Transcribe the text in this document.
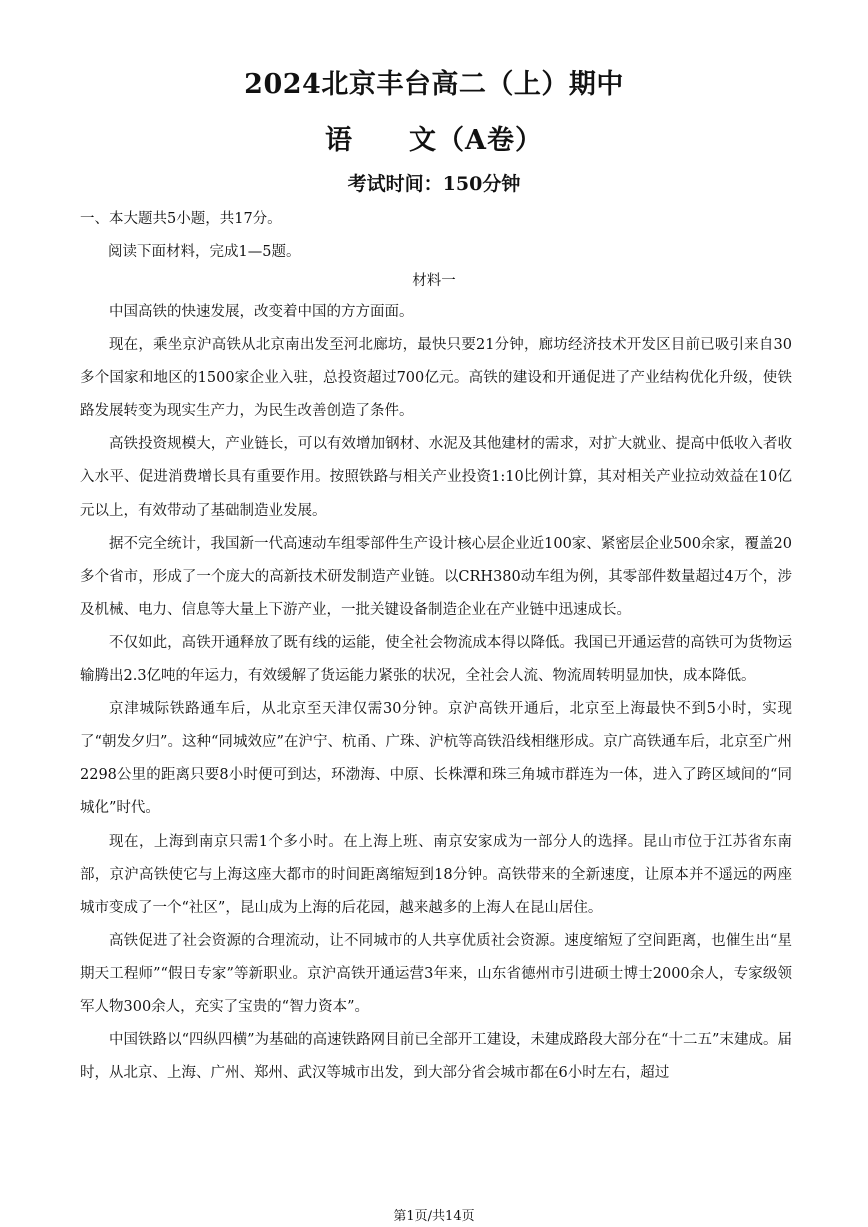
2024北京丰台高二（上）期中
语　　文（A卷）
考试时间：150分钟
一、本大题共5小题，共17分。
阅读下面材料，完成1—5题。
材料一

中国高铁的快速发展，改变着中国的方方面面。

现在，乘坐京沪高铁从北京南出发至河北廊坊，最快只要21分钟，廊坊经济技术开发区目前已吸引来自30多个国家和地区的1500家企业入驻，总投资超过700亿元。高铁的建设和开通促进了产业结构优化升级，使铁路发展转变为现实生产力，为民生改善创造了条件。

高铁投资规模大，产业链长，可以有效增加钢材、水泥及其他建材的需求，对扩大就业、提高中低收入者收入水平、促进消费增长具有重要作用。按照铁路与相关产业投资1:10比例计算，其对相关产业拉动效益在10亿元以上，有效带动了基础制造业发展。

据不完全统计，我国新一代高速动车组零部件生产设计核心层企业近100家、紧密层企业500余家，覆盖20多个省市，形成了一个庞大的高新技术研发制造产业链。以CRH380动车组为例，其零部件数量超过4万个，涉及机械、电力、信息等大量上下游产业，一批关键设备制造企业在产业链中迅速成长。

不仅如此，高铁开通释放了既有线的运能，使全社会物流成本得以降低。我国已开通运营的高铁可为货物运输腾出2.3亿吨的年运力，有效缓解了货运能力紧张的状况，全社会人流、物流周转明显加快，成本降低。

京津城际铁路通车后，从北京至天津仅需30分钟。京沪高铁开通后，北京至上海最快不到5小时，实现了“朝发夕归”。这种“同城效应”在沪宁、杭甬、广珠、沪杭等高铁沿线相继形成。京广高铁通车后，北京至广州2298公里的距离只要8小时便可到达，环渤海、中原、长株潭和珠三角城市群连为一体，进入了跨区域间的“同城化”时代。

现在，上海到南京只需1个多小时。在上海上班、南京安家成为一部分人的选择。昆山市位于江苏省东南部，京沪高铁使它与上海这座大都市的时间距离缩短到18分钟。高铁带来的全新速度，让原本并不遥远的两座城市变成了一个“社区”，昆山成为上海的后花园，越来越多的上海人在昆山居住。

高铁促进了社会资源的合理流动，让不同城市的人共享优质社会资源。速度缩短了空间距离，也催生出“星期天工程师”“假日专家”等新职业。京沪高铁开通运营3年来，山东省德州市引进硕士博士2000余人，专家级领军人物300余人，充实了宝贵的“智力资本”。

中国铁路以“四纵四横”为基础的高速铁路网目前已全部开工建设，未建成路段大部分在“十二五”末建成。届时，从北京、上海、广州、郑州、武汉等城市出发，到大部分省会城市都在6小时左右，超过

第1页/共14页
